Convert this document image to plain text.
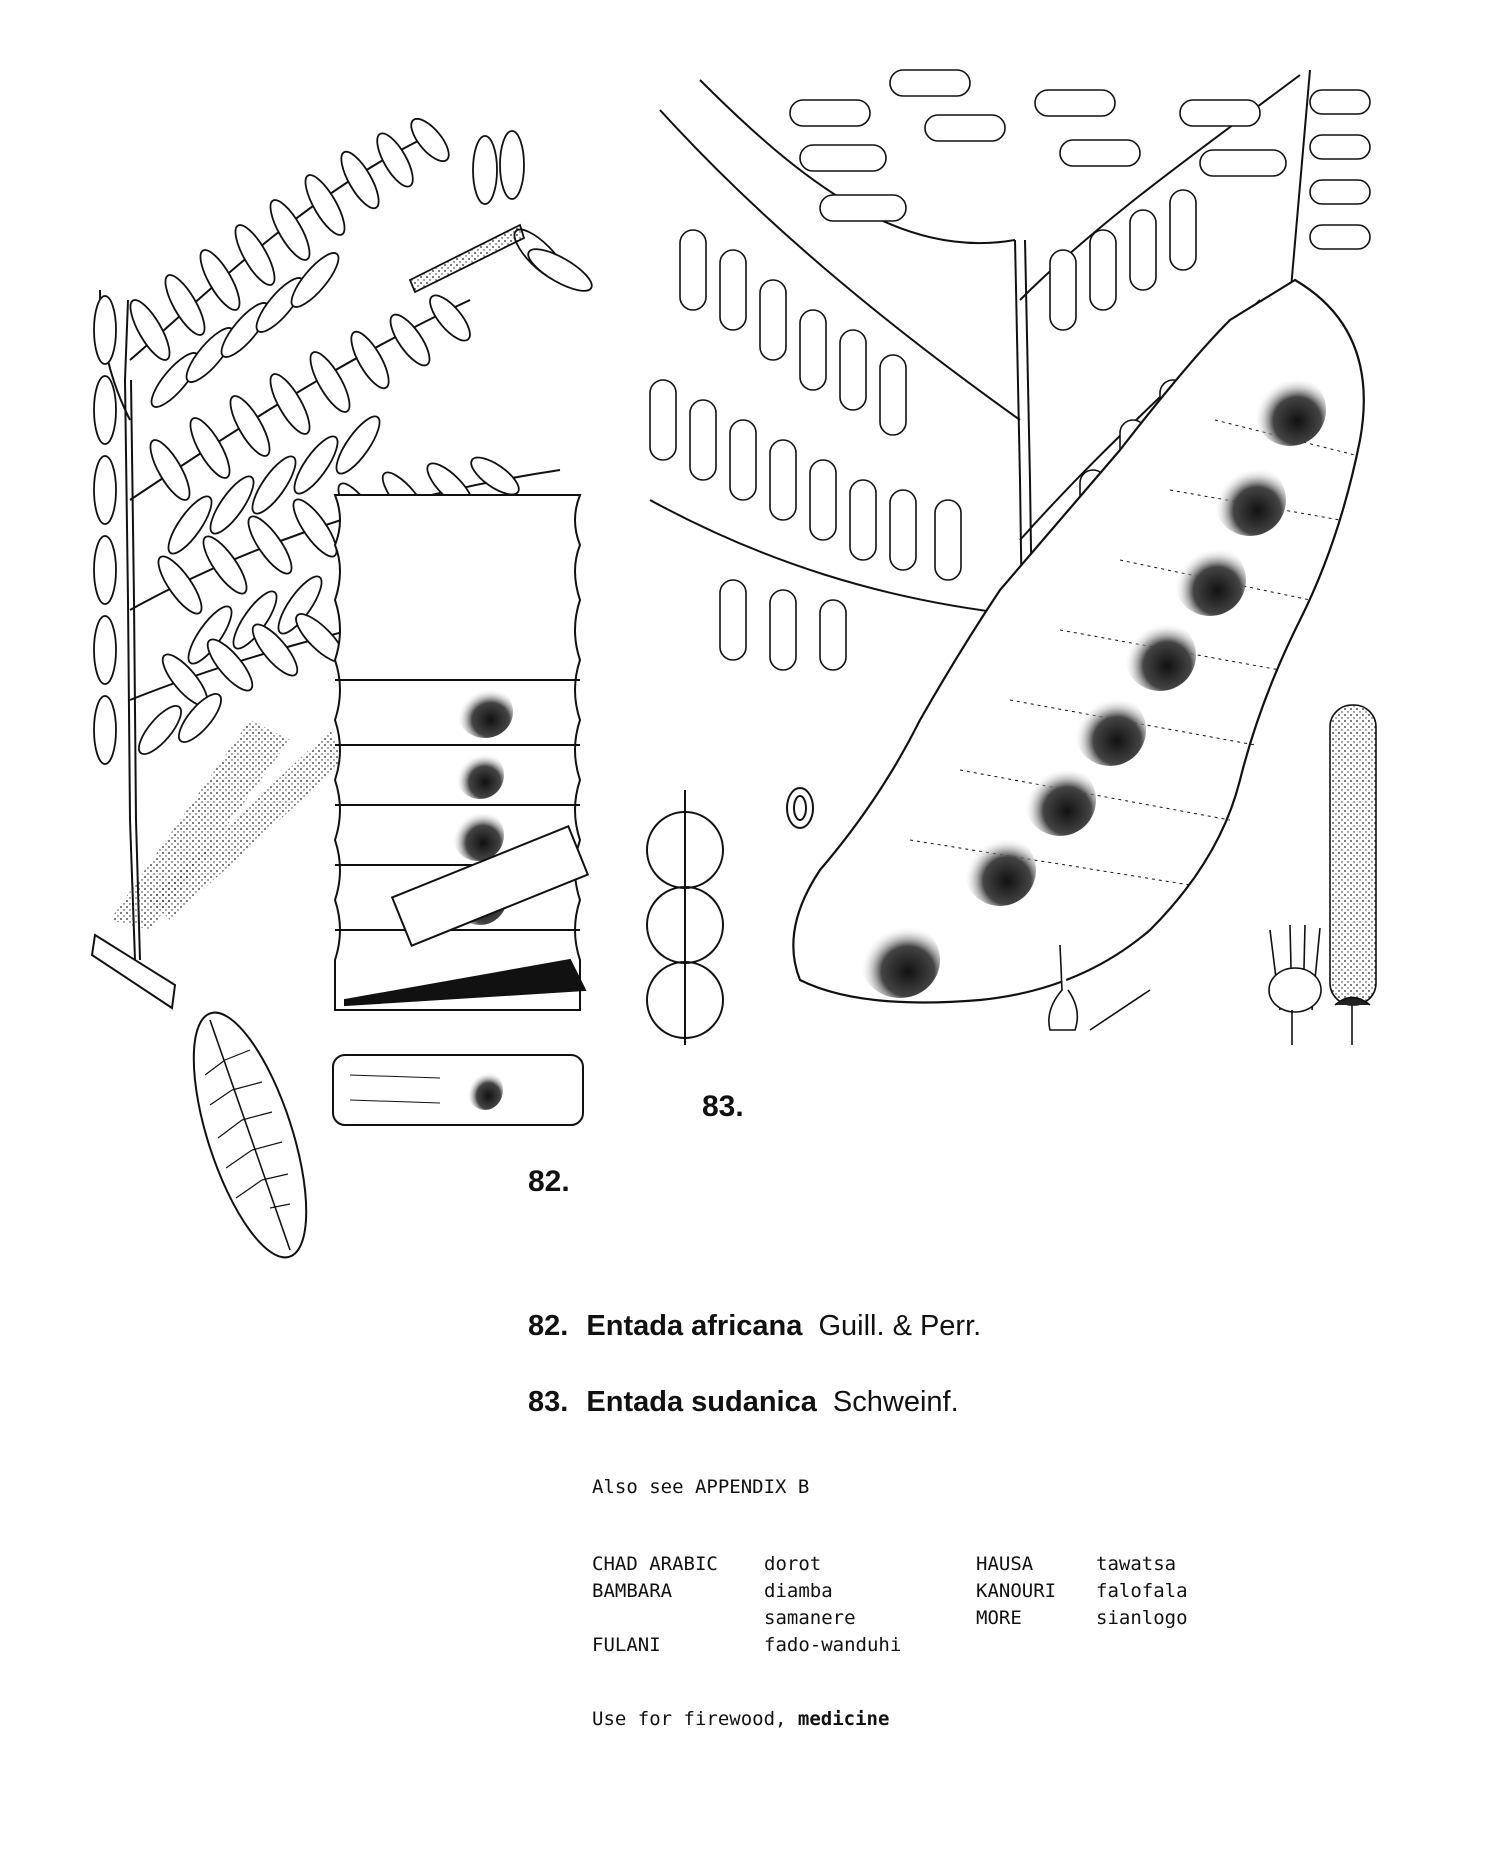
82.
83.
82. Entada africana Guill. & Perr.
83. Entada sudanica Schweinf.
Also see APPENDIX B
CHAD ARABIC	dorot	HAUSA	tawatsa
BAMBARA	diamba	KANOURI	falofala
	samanere	MORE	sianlogo
FULANI	fado-wanduhi		
Use for firewood, medicine
